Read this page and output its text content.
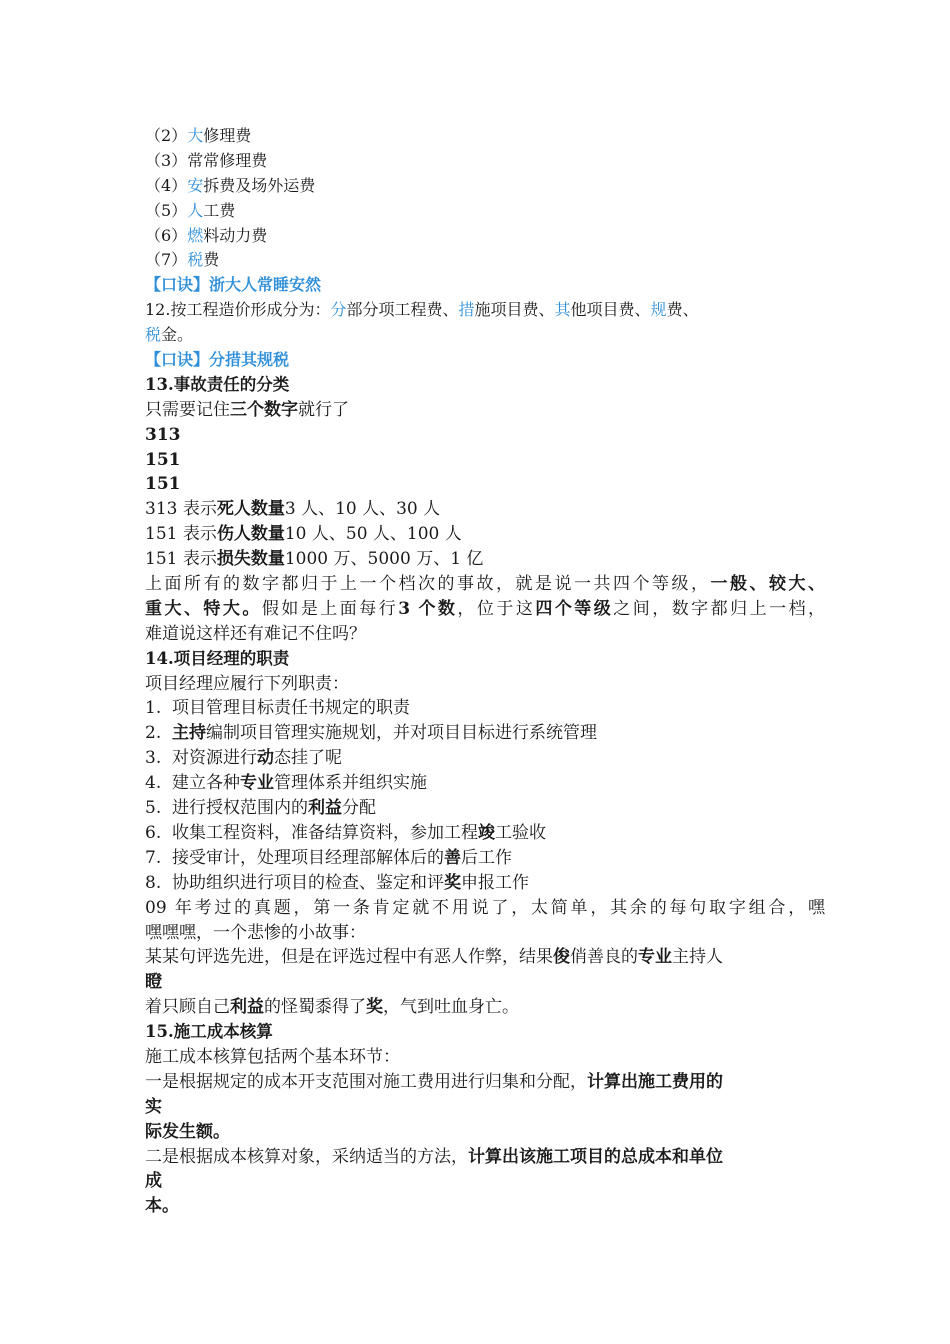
（2）大修理费
（3）常常修理费
（4）安拆费及场外运费
（5）人工费
（6）燃料动力费
（7）税费
【口诀】浙大人常睡安然
12.按工程造价形成分为：分部分项工程费、措施项目费、其他项目费、规费、
税金。
【口诀】分措其规税
13.事故责任的分类
只需要记住三个数字就行了
313
151
151
313 表示死人数量3 人、10 人、30 人
151 表示伤人数量10 人、50 人、100 人
151 表示损失数量1000 万、5000 万、1 亿
上面所有的数字都归于上一个档次的事故，就是说一共四个等级，一般、较大、
重大、特大。假如是上面每行3 个数，位于这四个等级之间，数字都归上一档，
难道说这样还有难记不住吗？
14.项目经理的职责
项目经理应履行下列职责：
1. 项目管理目标责任书规定的职责
2. 主持编制项目管理实施规划，并对项目目标进行系统管理
3. 对资源进行动态挂了呢
4. 建立各种专业管理体系并组织实施
5. 进行授权范围内的利益分配
6. 收集工程资料，准备结算资料，参加工程竣工验收
7. 接受审计，处理项目经理部解体后的善后工作
8. 协助组织进行项目的检查、鉴定和评奖申报工作
09 年考过的真题，第一条肯定就不用说了，太简单，其余的每句取字组合，嘿
嘿嘿嘿，一个悲惨的小故事：
某某句评选先进，但是在评选过程中有恶人作弊，结果俊俏善良的专业主持人
瞪
着只顾自己利益的怪蜀黍得了奖，气到吐血身亡。
15.施工成本核算
施工成本核算包括两个基本环节：
一是根据规定的成本开支范围对施工费用进行归集和分配，计算出施工费用的
实
际发生额。
二是根据成本核算对象，采纳适当的方法，计算出该施工项目的总成本和单位
成
本。
